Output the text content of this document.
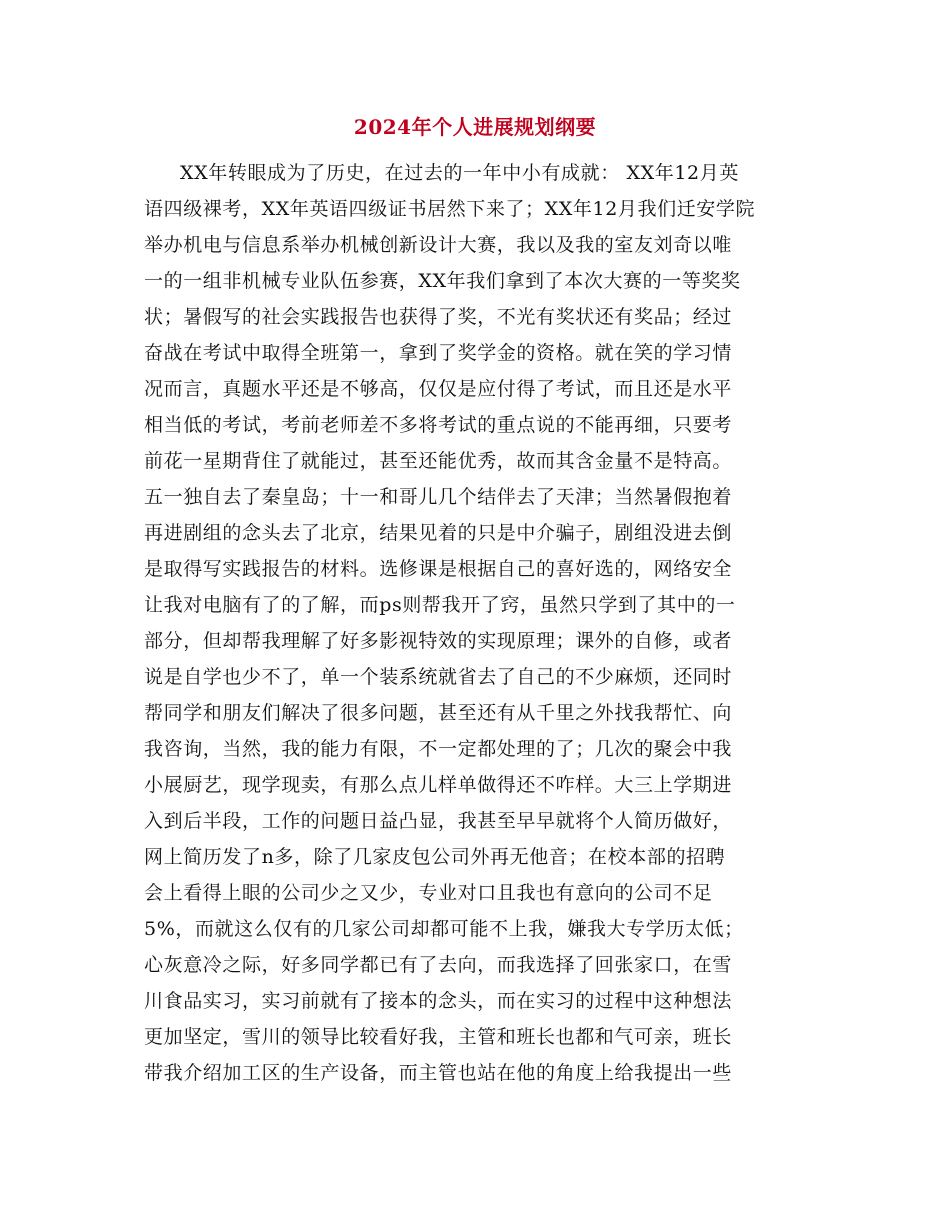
2024年个人进展规划纲要
XX年转眼成为了历史，在过去的一年中小有成就： XX年12月英
语四级裸考，XX年英语四级证书居然下来了；XX年12月我们迁安学院
举办机电与信息系举办机械创新设计大赛，我以及我的室友刘奇以唯
一的一组非机械专业队伍参赛，XX年我们拿到了本次大赛的一等奖奖
状；暑假写的社会实践报告也获得了奖，不光有奖状还有奖品；经过
奋战在考试中取得全班第一，拿到了奖学金的资格。就在笑的学习情
况而言，真题水平还是不够高，仅仅是应付得了考试，而且还是水平
相当低的考试，考前老师差不多将考试的重点说的不能再细，只要考
前花一星期背住了就能过，甚至还能优秀，故而其含金量不是特高。
五一独自去了秦皇岛；十一和哥儿几个结伴去了天津；当然暑假抱着
再进剧组的念头去了北京，结果见着的只是中介骗子，剧组没进去倒
是取得写实践报告的材料。选修课是根据自己的喜好选的，网络安全
让我对电脑有了的了解，而ps则帮我开了窍，虽然只学到了其中的一
部分，但却帮我理解了好多影视特效的实现原理；课外的自修，或者
说是自学也少不了，单一个装系统就省去了自己的不少麻烦，还同时
帮同学和朋友们解决了很多问题，甚至还有从千里之外找我帮忙、向
我咨询，当然，我的能力有限，不一定都处理的了；几次的聚会中我
小展厨艺，现学现卖，有那么点儿样单做得还不咋样。大三上学期进
入到后半段，工作的问题日益凸显，我甚至早早就将个人简历做好，
网上简历发了n多，除了几家皮包公司外再无他音；在校本部的招聘
会上看得上眼的公司少之又少，专业对口且我也有意向的公司不足
5%，而就这么仅有的几家公司却都可能不上我，嫌我大专学历太低；
心灰意冷之际，好多同学都已有了去向，而我选择了回张家口，在雪
川食品实习，实习前就有了接本的念头，而在实习的过程中这种想法
更加坚定，雪川的领导比较看好我，主管和班长也都和气可亲，班长
带我介绍加工区的生产设备，而主管也站在他的角度上给我提出一些
